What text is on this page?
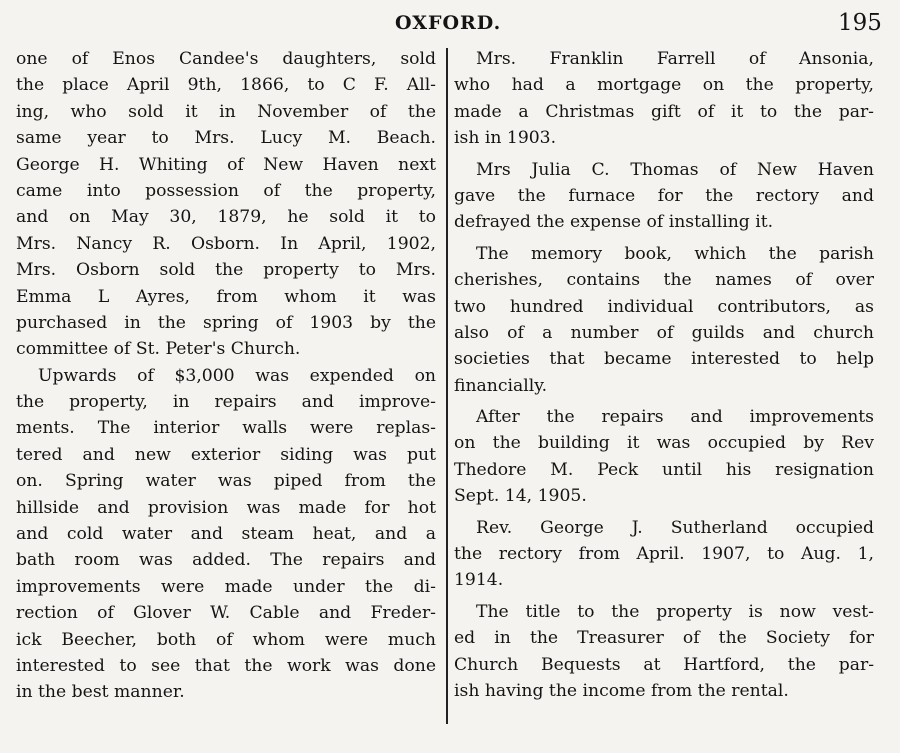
OXFORD.	195
one of Enos Candee's daughters, sold
the place April 9th, 1866, to C F. All-
ing, who sold it in November of the
same year to Mrs. Lucy M. Beach.
George H. Whiting of New Haven next
came into possession of the property,
and on May 30, 1879, he sold it to
Mrs. Nancy R. Osborn. In April, 1902,
Mrs. Osborn sold the property to Mrs.
Emma L Ayres, from whom it was
purchased in the spring of 1903 by the
committee of St. Peter's Church.
Upwards of $3,000 was expended on
the property, in repairs and improve-
ments. The interior walls were replas-
tered and new exterior siding was put
on. Spring water was piped from the
hillside and provision was made for hot
and cold water and steam heat, and a
bath room was added. The repairs and
improvements were made under the di-
rection of Glover W. Cable and Freder-
ick Beecher, both of whom were much
interested to see that the work was done
in the best manner.
Mrs. Franklin Farrell of Ansonia,
who had a mortgage on the property,
made a Christmas gift of it to the par-
ish in 1903.
Mrs Julia C. Thomas of New Haven
gave the furnace for the rectory and
defrayed the expense of installing it.
The memory book, which the parish
cherishes, contains the names of over
two hundred individual contributors, as
also of a number of guilds and church
societies that became interested to help
financially.
After the repairs and improvements
on the building it was occupied by Rev
Thedore M. Peck until his resignation
Sept. 14, 1905.
Rev. George J. Sutherland occupied
the rectory from April. 1907, to Aug. 1,
1914.
The title to the property is now vest-
ed in the Treasurer of the Society for
Church Bequests at Hartford, the par-
ish having the income from the rental.
